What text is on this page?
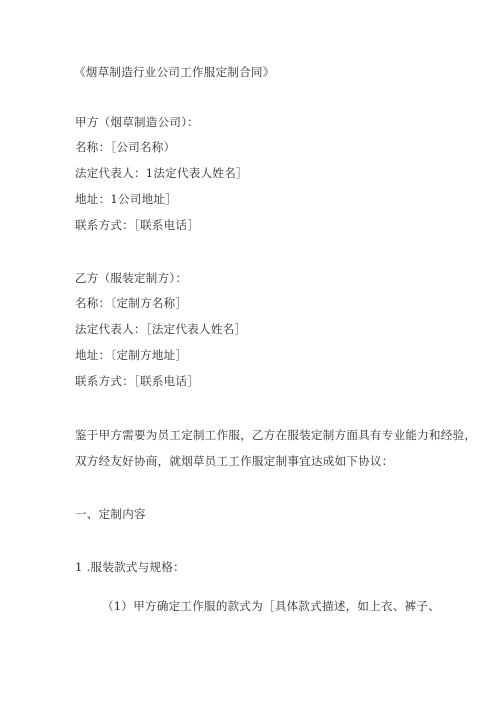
《烟草制造行业公司工作服定制合同》
甲方（烟草制造公司）：
名称：［公司名称）
法定代表人：1法定代表人姓名］
地址：1公司地址］
联系方式：［联系电话］
乙方（服装定制方）：
名称：〔定制方名称］
法定代表人：［法定代表人姓名］
地址：〔定制方地址］
联系方式：［联系电话］
鉴于甲方需要为员工定制工作服，乙方在服装定制方面具有专业能力和经验，
双方经友好协商，就烟草员工工作服定制事宜达成如下协议：
一、定制内容
1 .服装款式与规格：
（1）甲方确定工作服的款式为［具体款式描述，如上衣、裤子、
